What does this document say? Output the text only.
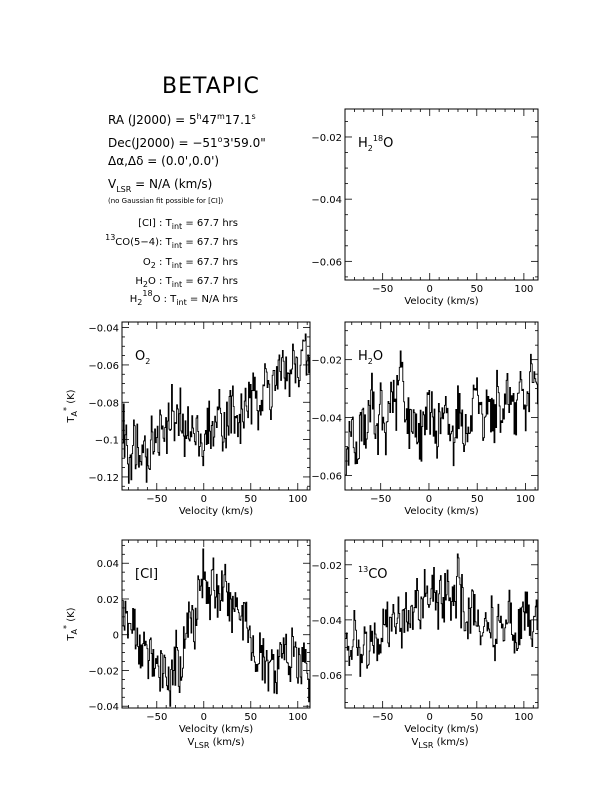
BETAPIC
RA $(J2000) = 5^h47^m17.1^s$
$Dec(J2000) = -51^o3'59.0$"
Δα,Δδ = (0.0',0.0')
$V_{LSR} = N/A$ (km/s)
(no Gaussian fit possible for [CI])
[CI] : $T_{int} = 67.7$ hrs
$^{13}$CO(5−4): $T_{int} = 67.7$ hrs
$O_2$ : $T_{int} = 67.7$ hrs
$H_2O$ : $T_{int} = 67.7$ hrs
$H_2^{18}O$ : $T_{int} = N/A$ hrs
−50	0	50	100
−0.02
−0.04
−0.06
Velocity (km/s)
$H_2^{18}O$
−50	0	50	100
−0.04
−0.06
−0.08
−0.1
−0.12
Velocity (km/s)
$T_A^*$ (K)
$O_2$
−50	0	50	100
−0.02
−0.04
−0.06
Velocity (km/s)
$H_2O$
−50	0	50	100
0.04
0.02
0
−0.02
−0.04
Velocity (km/s)
$T_A^*$ (K)
[CI]
−50	0	50	100
−0.02
−0.04
−0.06
Velocity (km/s)
$^{13}$CO
$V_{LSR}$ (km/s)	$V_{LSR}$ (km/s)
